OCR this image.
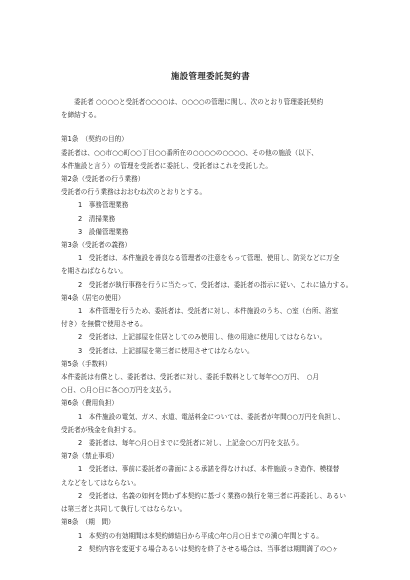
施設管理委託契約書
委託者 ○○○○と受託者○○○○は、○○○○の管理に関し、次のとおり管理委託契約
を締結する。
第1条　（契約の目的）
委託者は、○○市○○町○○丁目○○番所在の○○○○の○○○○、その他の施設（以下、
本件施設と言う）の管理を受託者に委託し、受託者はこれを受託した。
第2条（受託者の行う業務）
受託者の行う業務はおおむね次のとおりとする。
1　事務管理業務
2　清掃業務
3　設備管理業務
第3条（受託者の義務）
1　受託者は、本件施設を善良なる管理者の注意をもって管理、使用し、防災などに万全
を期さねばならない。
2　受託者が執行事務を行うに当たって、受託者は、委託者の指示に従い、これに協力する。
第4条（居宅の使用）
1　本件管理を行うため、委託者は、受託者に対し、本件施設のうち、○室（台所、浴室
付き）を無償で使用させる。
2　受託者は、上記部屋を住居としてのみ使用し、他の用途に使用してはならない。
3　受託者は、上記部屋を第三者に使用させてはならない。
第5条（手数料）
本件委託は有償とし、委託者は、受託者に対し、委託手数料として毎年○○万円、　○月
○日、○月○日に各○○万円を支払う。
第6条（費用負担）
1　本件施設の電気、ガス、水道、電話料金については、委託者が年間○○万円を負担し、
受託者が残金を負担する。
2　委託者は、毎年○月○日までに受託者に対し、上記金○○万円を支払う。
第7条（禁止事項）
1　受託者は、事前に委託者の書面による承諾を得なければ、本件施設っき造作、模様替
えなどをしてはならない。
2　受託者は、名義の如何を問わず本契約に基づく業務の執行を第三者に再委託し、あるい
は第三者と共同して執行してはならない。
第8条　（期　間）
1　本契約の有効期間は本契約締結日から平成○年○月○日までの満○年間とする。
2　契約内容を変更する場合あるいは契約を終了させる場合は、当事者は期間満了の○ヶ
